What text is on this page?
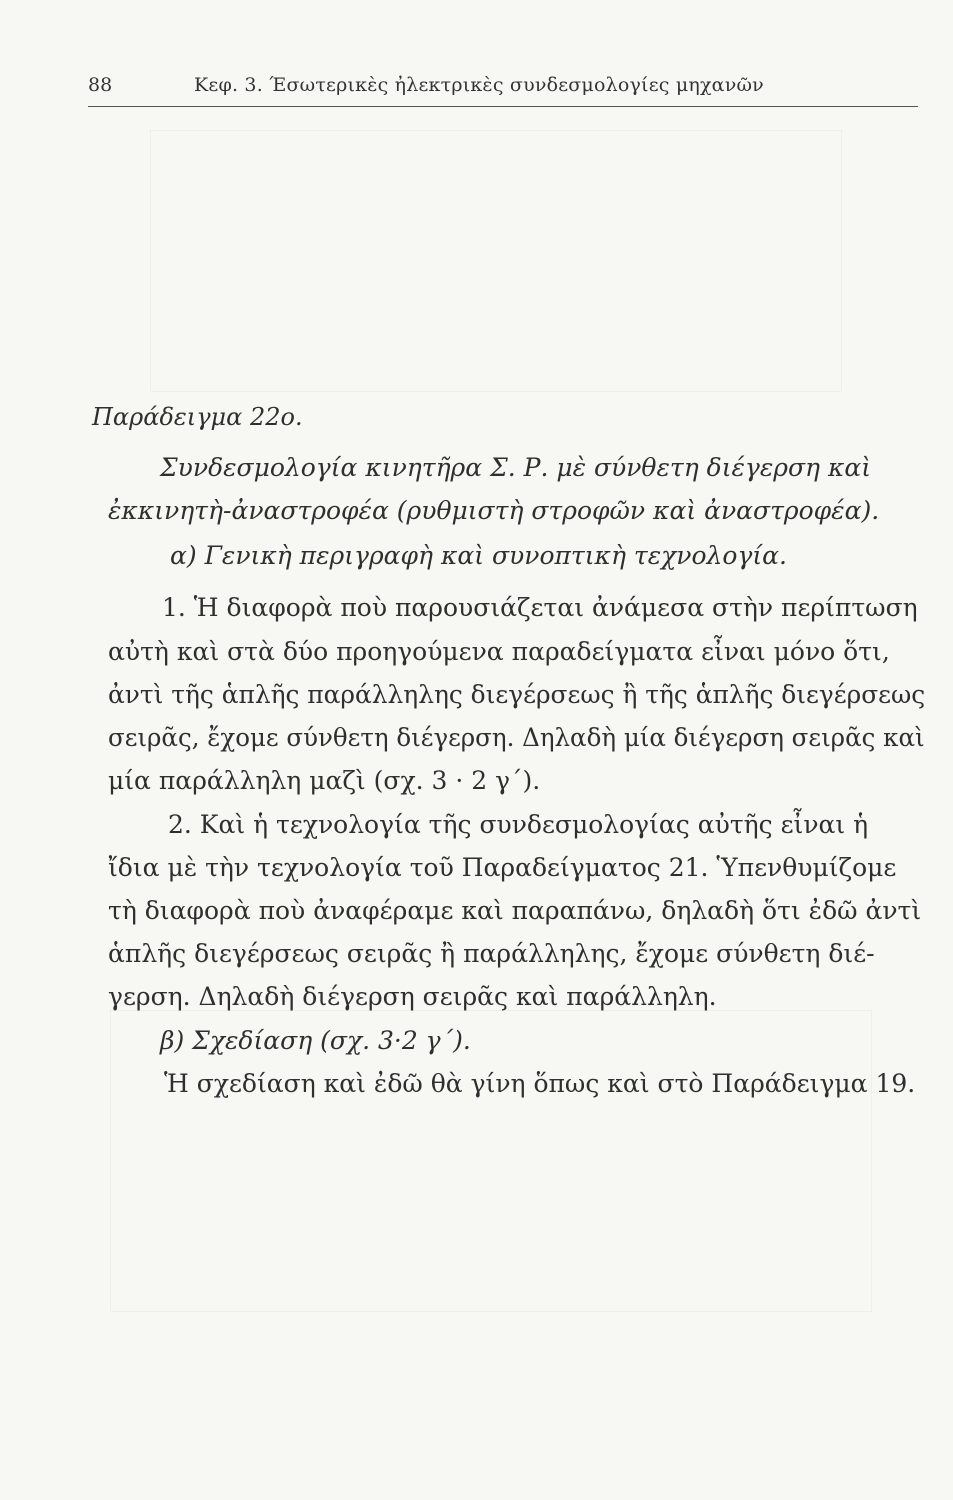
88	Κεφ. 3. Έσωτερικὲς ἠλεκτρικὲς συνδεσμολογίες μηχανῶν
Παράδειγμα 22ο.
Συνδεσμολογία κινητῆρα Σ. Ρ. μὲ σύνθετη διέγερση καὶ
ἐκκινητὴ-ἀναστροφέα (ρυθμιστὴ στροφῶν καὶ ἀναστροφέα).
α) Γενικὴ περιγραφὴ καὶ συνοπτικὴ τεχνολογία.
1. Ἡ διαφορὰ ποὺ παρουσιάζεται ἀνάμεσα στὴν περίπτωση
αὐτὴ καὶ στὰ δύο προηγούμενα παραδείγματα εἶναι μόνο ὅτι,
ἀντὶ τῆς ἁπλῆς παράλληλης διεγέρσεως ἢ τῆς ἁπλῆς διεγέρσεως
σειρᾶς, ἔχομε σύνθετη διέγερση. Δηλαδὴ μία διέγερση σειρᾶς καὶ
μία παράλληλη μαζὶ (σχ. 3 · 2 γ΄).
2. Καὶ ἡ τεχνολογία τῆς συνδεσμολογίας αὐτῆς εἶναι ἡ
ἴδια μὲ τὴν τεχνολογία τοῦ Παραδείγματος 21. Ὑπενθυμίζομε
τὴ διαφορὰ ποὺ ἀναφέραμε καὶ παραπάνω, δηλαδὴ ὅτι ἐδῶ ἀντὶ
ἁπλῆς διεγέρσεως σειρᾶς ἢ παράλληλης, ἔχομε σύνθετη διέ-
γερση. Δηλαδὴ διέγερση σειρᾶς καὶ παράλληλη.
β) Σχεδίαση (σχ. 3·2 γ΄).
Ἡ σχεδίαση καὶ ἐδῶ θὰ γίνη ὅπως καὶ στὸ Παράδειγμα 19.
